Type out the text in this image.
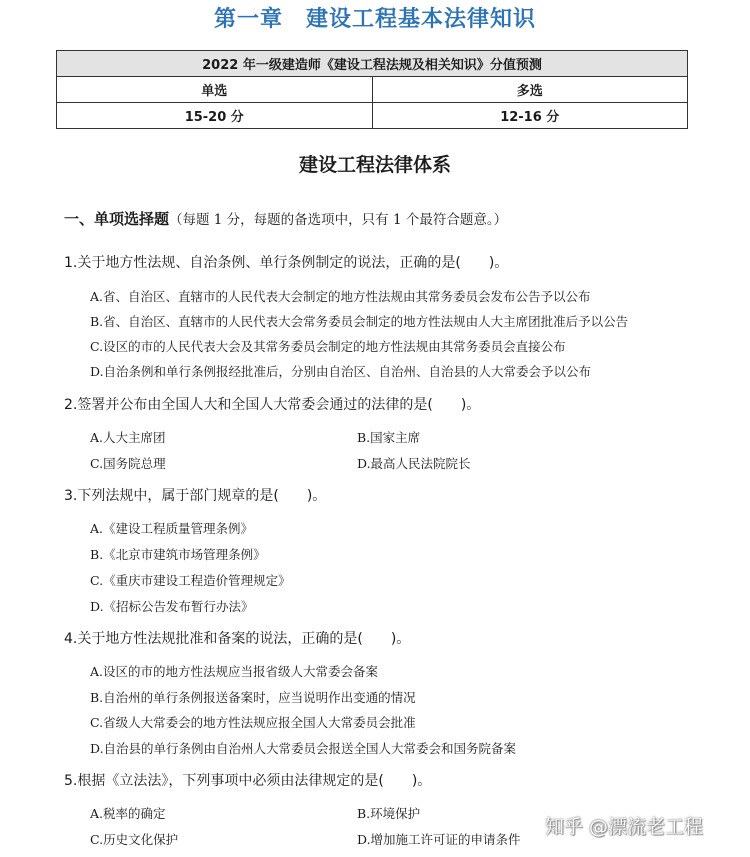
第一章　建设工程基本法律知识
2022 年一级建造师《建设工程法规及相关知识》分值预测	
单选	多选
15-20 分	12-16 分
建设工程法律体系
一、单项选择题（每题 1 分，每题的备选项中，只有 1 个最符合题意。）
1.关于地方性法规、自治条例、单行条例制定的说法，正确的是(　　)。
A.省、自治区、直辖市的人民代表大会制定的地方性法规由其常务委员会发布公告予以公布
B.省、自治区、直辖市的人民代表大会常务委员会制定的地方性法规由人大主席团批准后予以公告
C.设区的市的人民代表大会及其常务委员会制定的地方性法规由其常务委员会直接公布
D.自治条例和单行条例报经批准后，分别由自治区、自治州、自治县的人大常委会予以公布
2.签署并公布由全国人大和全国人大常委会通过的法律的是(　　)。
A.人大主席团	B.国家主席
C.国务院总理	D.最高人民法院院长
3.下列法规中，属于部门规章的是(　　)。
A.《建设工程质量管理条例》
B.《北京市建筑市场管理条例》
C.《重庆市建设工程造价管理规定》
D.《招标公告发布暂行办法》
4.关于地方性法规批准和备案的说法，正确的是(　　)。
A.设区的市的地方性法规应当报省级人大常委会备案
B.自治州的单行条例报送备案时，应当说明作出变通的情况
C.省级人大常委会的地方性法规应报全国人大常委员会批准
D.自治县的单行条例由自治州人大常委员会报送全国人大常委会和国务院备案
5.根据《立法法》，下列事项中必须由法律规定的是(　　)。
A.税率的确定	B.环境保护
C.历史文化保护	D.增加施工许可证的申请条件
知乎 @漂流老工程
